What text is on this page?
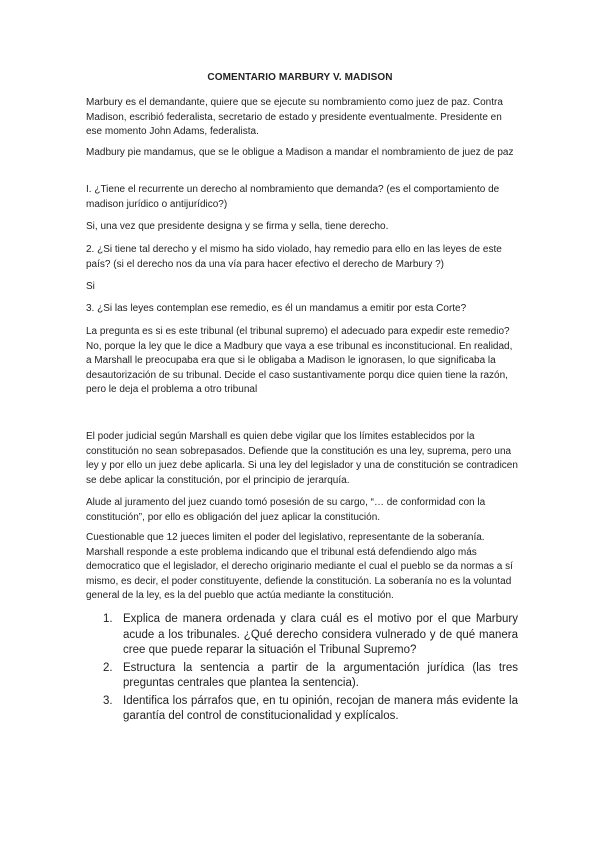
COMENTARIO MARBURY V. MADISON

Marbury es el demandante, quiere que se ejecute su nombramiento como juez de paz. Contra Madison, escribió federalista, secretario de estado y presidente eventualmente. Presidente en ese momento John Adams, federalista.

Madbury pie mandamus, que se le obligue a Madison a mandar el nombramiento de juez de paz

I. ¿Tiene el recurrente un derecho al nombramiento que demanda? (es el comportamiento de madison jurídico o antijurídico?)

Si, una vez que presidente designa y se firma y sella, tiene derecho.

2. ¿Si tiene tal derecho y el mismo ha sido violado, hay remedio para ello en las leyes de este país? (si el derecho nos da una vía para hacer efectivo el derecho de Marbury ?)

Si

3. ¿Si las leyes contemplan ese remedio, es él un mandamus a emitir por esta Corte?

La pregunta es si es este tribunal (el tribunal supremo) el adecuado para expedir este remedio? No, porque la ley que le dice a Madbury que vaya a ese tribunal es inconstitucional. En realidad, a Marshall le preocupaba era que si le obligaba a Madison le ignorasen, lo que significaba la desautorización de su tribunal. Decide el caso sustantivamente porqu dice quien tiene la razón, pero le deja el problema a otro tribunal

El poder judicial según Marshall es quien debe vigilar que los límites establecidos por la constitución no sean sobrepasados. Defiende que la constitución es una ley, suprema, pero una ley y por ello un juez debe aplicarla. Si una ley del legislador y una de constitución se contradicen se debe aplicar la constitución, por el principio de jerarquía.

Alude al juramento del juez cuando tomó posesión de su cargo, “… de conformidad con la constitución”, por ello es obligación del juez aplicar la constitución.

Cuestionable que 12 jueces limiten el poder del legislativo, representante de la soberanía. Marshall responde a este problema indicando que el tribunal está defendiendo algo más democratico que el legislador, el derecho originario mediante el cual el pueblo se da normas a sí mismo, es decir, el poder constituyente, defiende la constitución. La soberanía no es la voluntad general de la ley, es la del pueblo que actúa mediante la constitución.

1. Explica de manera ordenada y clara cuál es el motivo por el que Marbury acude a los tribunales. ¿Qué derecho considera vulnerado y de qué manera cree que puede reparar la situación el Tribunal Supremo?
2. Estructura la sentencia a partir de la argumentación jurídica (las tres preguntas centrales que plantea la sentencia).
3. Identifica los párrafos que, en tu opinión, recojan de manera más evidente la garantía del control de constitucionalidad y explícalos.
